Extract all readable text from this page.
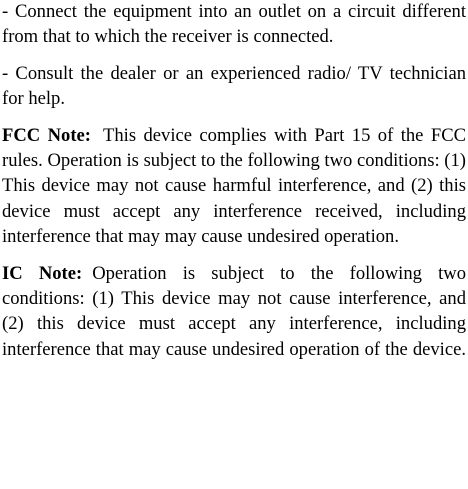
- Connect the equipment into an outlet on a circuit different from that to which the receiver is connected.

- Consult the dealer or an experienced radio/ TV technician for help.

FCC Note: This device complies with Part 15 of the FCC rules. Operation is subject to the following two conditions: (1) This device may not cause harmful interference, and (2) this device must accept any interference received, including interference that may may cause undesired operation.

IC Note: Operation is subject to the following two conditions: (1) This device may not cause interference, and (2) this device must accept any interference, including interference that may cause undesired operation of the device.
